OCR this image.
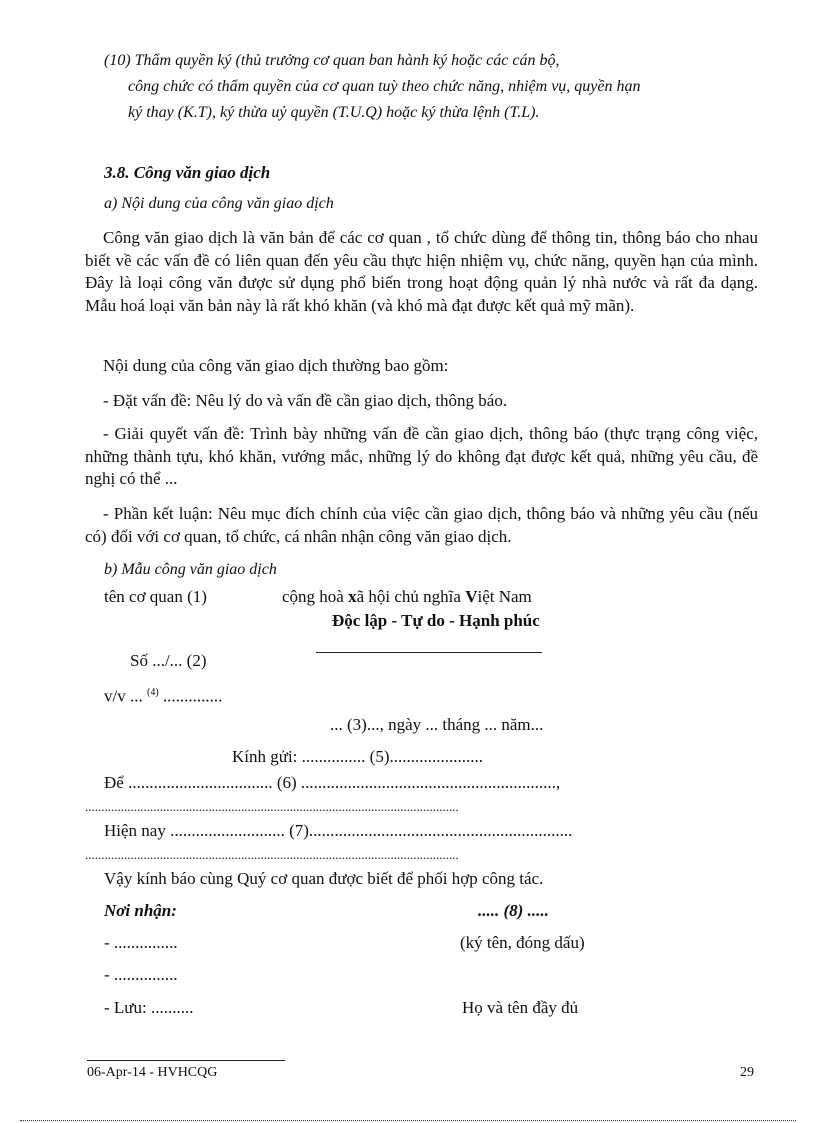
(10) Thẩm quyền ký (thủ trưởng cơ quan ban hành ký hoặc các cán bộ,
công chức có thẩm quyền của cơ quan tuỳ theo chức năng, nhiệm vụ, quyền hạn
ký thay (K.T), ký thừa uỷ quyền (T.U.Q) hoặc ký thừa lệnh (T.L).
3.8. Công văn giao dịch
a) Nội dung của công văn giao dịch
Công văn giao dịch là văn bản để các cơ quan , tổ chức dùng để thông tin, thông báo cho nhau biết về các vấn đề có liên quan đến yêu cầu thực hiện nhiệm vụ, chức năng, quyền hạn của mình. Đây là loại công văn được sử dụng phổ biến trong hoạt động quản lý nhà nước và rất đa dạng. Mẫu hoá loại văn bản này là rất khó khăn (và khó mà đạt được kết quả mỹ mãn).
Nội dung của công văn giao dịch thường bao gồm:
- Đặt vấn đề: Nêu lý do và vấn đề cần giao dịch, thông báo.
- Giải quyết vấn đề: Trình bày những vấn đề cần giao dịch, thông báo (thực trạng công việc, những thành tựu, khó khăn, vướng mắc, những lý do không đạt được kết quả, những yêu cầu, đề nghị có thể ...
- Phần kết luận: Nêu mục đích chính của việc cần giao dịch, thông báo và những yêu cầu (nếu có) đối với cơ quan, tổ chức, cá nhân nhận công văn giao dịch.
b) Mẫu công văn giao dịch
tên cơ quan (1)	cộng hoà xã hội chủ nghĩa Việt Nam
Độc lập - Tự do - Hạnh phúc
Số .../... (2)
v/v ... $^{(4)}$ ..............
... (3)..., ngày ... tháng ... năm...
Kính gửi: ............... (5)......................
Để .................................. (6) ............................................................,
...................................................................................................................
Hiện nay ........................... (7)..............................................................
...................................................................................................................
Vậy kính báo cùng Quý cơ quan được biết để phối hợp công tác.
Nơi nhận:	..... (8) .....
- ...............	(ký tên, đóng dấu)
- ...............
- Lưu: ..........	Họ và tên đầy đủ
06-Apr-14 - HVHCQG	29
